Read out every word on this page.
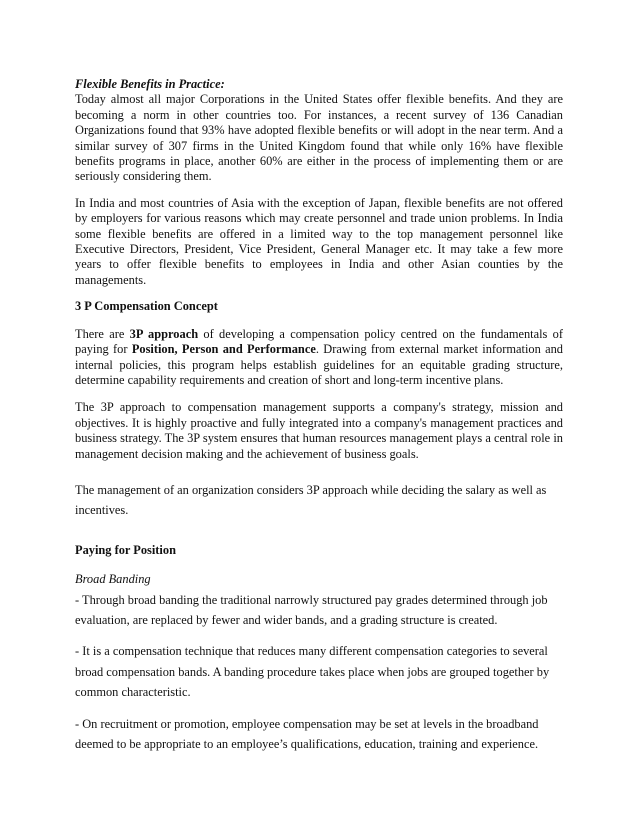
Flexible Benefits in Practice:
Today almost all major Corporations in the United States offer flexible benefits. And they are becoming a norm in other countries too. For instances, a recent survey of 136 Canadian Organizations found that 93% have adopted flexible benefits or will adopt in the near term. And a similar survey of 307 firms in the United Kingdom found that while only 16% have flexible benefits programs in place, another 60% are either in the process of implementing them or are seriously considering them.

In India and most countries of Asia with the exception of Japan, flexible benefits are not offered by employers for various reasons which may create personnel and trade union problems. In India some flexible benefits are offered in a limited way to the top management personnel like Executive Directors, President, Vice President, General Manager etc. It may take a few more years to offer flexible benefits to employees in India and other Asian counties by the managements.

3 P Compensation Concept

There are 3P approach of developing a compensation policy centred on the fundamentals of paying for Position, Person and Performance. Drawing from external market information and internal policies, this program helps establish guidelines for an equitable grading structure, determine capability requirements and creation of short and long-term incentive plans.

The 3P approach to compensation management supports a company's strategy, mission and objectives. It is highly proactive and fully integrated into a company's management practices and business strategy. The 3P system ensures that human resources management plays a central role in management decision making and the achievement of business goals.

The management of an organization considers 3P approach while deciding the salary as well as incentives.

Paying for Position

Broad Banding
- Through broad banding the traditional narrowly structured pay grades determined through job evaluation, are replaced by fewer and wider bands, and a grading structure is created.

- It is a compensation technique that reduces many different compensation categories to several broad compensation bands. A banding procedure takes place when jobs are grouped together by common characteristic.

- On recruitment or promotion, employee compensation may be set at levels in the broadband deemed to be appropriate to an employee’s qualifications, education, training and experience.
